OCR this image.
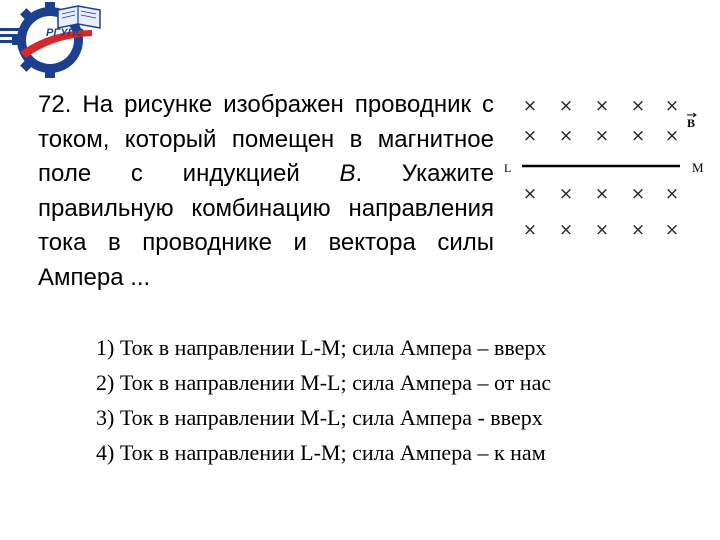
РГУПС

72. На рисунке изображен проводник с током, который помещен в магнитное поле с индукцией B. Укажите правильную комбинацию направления тока в проводнике и вектора силы Ампера ...

× × × × ×
× × × × ×
× × × × ×
× × × × ×
L	M
B
1) Ток в направлении L-M; сила Ампера – вверх
2) Ток в направлении M-L; сила Ампера – от нас
3) Ток в направлении M-L; сила Ампера - вверх
4) Ток в направлении L-M; сила Ампера – к нам
